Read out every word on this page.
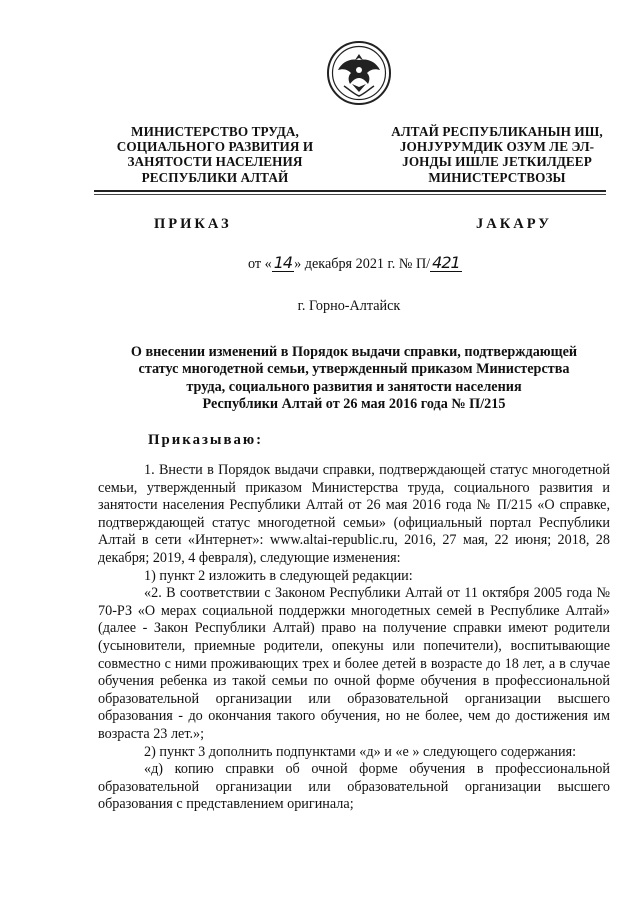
МИНИСТЕРСТВО ТРУДА,
СОЦИАЛЬНОГО РАЗВИТИЯ И
ЗАНЯТОСТИ НАСЕЛЕНИЯ
РЕСПУБЛИКИ АЛТАЙ
АЛТАЙ РЕСПУБЛИКАНЫН ИШ,
ЈОНЈУРУМДИК ОЗУМ ЛЕ ЭЛ-
ЈОНДЫ ИШЛЕ ЈЕТКИЛДЕЕР
МИНИСТЕРСТВОЗЫ
ПРИКАЗ	ЈАКАРУ
от « 14 » декабря 2021 г. № П/ 421
г. Горно-Алтайск
О внесении изменений в Порядок выдачи справки, подтверждающей
статус многодетной семьи, утвержденный приказом Министерства
труда, социального развития и занятости населения
Республики Алтай от 26 мая 2016 года № П/215
Приказываю:

1. Внести в Порядок выдачи справки, подтверждающей статус многодетной семьи, утвержденный приказом Министерства труда, социального развития и занятости населения Республики Алтай от 26 мая 2016 года № П/215 «О справке, подтверждающей статус многодетной семьи» (официальный портал Республики Алтай в сети «Интернет»: www.altai-republic.ru, 2016, 27 мая, 22 июня; 2018, 28 декабря; 2019, 4 февраля), следующие изменения:

1) пункт 2 изложить в следующей редакции:

«2. В соответствии с Законом Республики Алтай от 11 октября 2005 года № 70-РЗ «О мерах социальной поддержки многодетных семей в Республике Алтай» (далее - Закон Республики Алтай) право на получение справки имеют родители (усыновители, приемные родители, опекуны или попечители), воспитывающие совместно с ними проживающих трех и более детей в возрасте до 18 лет, а в случае обучения ребенка из такой семьи по очной форме обучения в профессиональной образовательной организации или образовательной организации высшего образования - до окончания такого обучения, но не более, чем до достижения им возраста 23 лет.»;

2) пункт 3 дополнить подпунктами «д» и «е » следующего содержания:

«д) копию справки об очной форме обучения в профессиональной образовательной организации или образовательной организации высшего образования с представлением оригинала;
